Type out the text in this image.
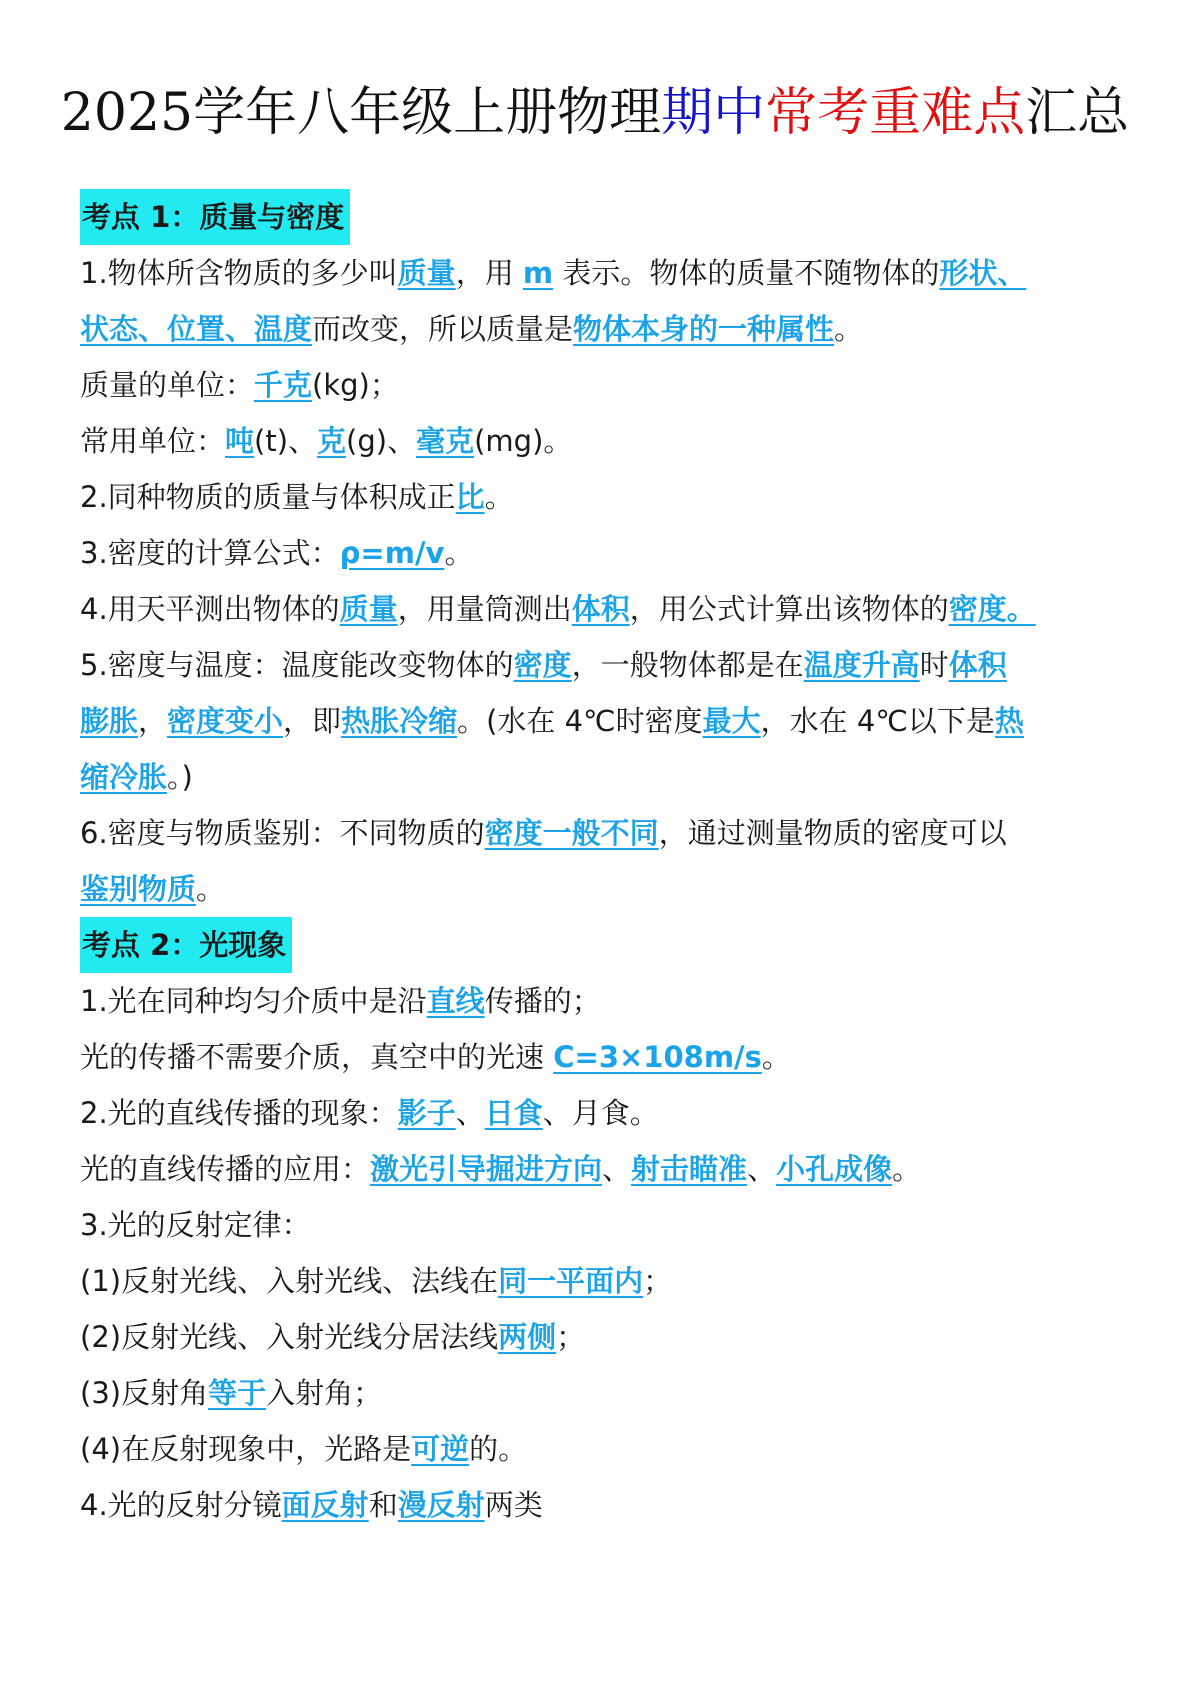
2025学年八年级上册物理期中常考重难点汇总
考点 1：质量与密度
1.物体所含物质的多少叫质量，用 m 表示。物体的质量不随物体的形状、
状态、位置、温度而改变，所以质量是物体本身的一种属性。
质量的单位：千克(kg)；
常用单位：吨(t)、克(g)、毫克(mg)。
2.同种物质的质量与体积成正比。
3.密度的计算公式：ρ=m/v。
4.用天平测出物体的质量，用量筒测出体积，用公式计算出该物体的密度。
5.密度与温度：温度能改变物体的密度，一般物体都是在温度升高时体积
膨胀，密度变小，即热胀冷缩。(水在 4℃时密度最大，水在 4℃以下是热
缩冷胀。)
6.密度与物质鉴别：不同物质的密度一般不同，通过测量物质的密度可以
鉴别物质。
考点 2：光现象
1.光在同种均匀介质中是沿直线传播的；
光的传播不需要介质，真空中的光速 C=3×108m/s。
2.光的直线传播的现象：影子、日食、月食。
光的直线传播的应用：激光引导掘进方向、射击瞄准、小孔成像。
3.光的反射定律：
(1)反射光线、入射光线、法线在同一平面内；
(2)反射光线、入射光线分居法线两侧；
(3)反射角等于入射角；
(4)在反射现象中，光路是可逆的。
4.光的反射分镜面反射和漫反射两类
